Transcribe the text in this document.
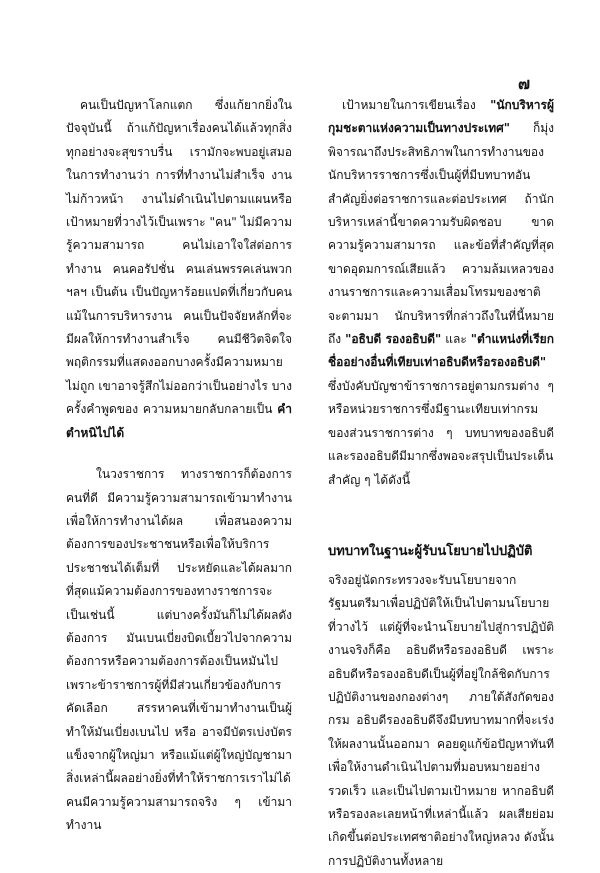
๗

คนเป็นปัญหาโลกแตก ซึ่งแก้ยากยิ่งในปัจจุบันนี้ ถ้าแก้ปัญหาเรื่องคนได้แล้วทุกสิ่งทุกอย่างจะสุขราบรื่น เรามักจะพบอยู่เสมอในการทำงานว่า การที่ทำงานไม่สำเร็จ งานไม่ก้าวหน้า งานไม่ดำเนินไปตามแผนหรือเป้าหมายที่วางไว้เป็นเพราะ "คน" ไม่มีความรู้ความสามารถ คนไม่เอาใจใส่ต่อการทำงาน คนคอรัปชั่น คนเล่นพรรคเล่นพวก ฯลฯ เป็นต้น เป็นปัญหาร้อยแปดที่เกี่ยวกับคน แม้ในการบริหารงาน คนเป็นปัจจัยหลักที่จะมีผลให้การทำงานสำเร็จ คนมีชีวิตจิตใจ พฤติกรรมที่แสดงออกบางครั้งมีความหมายไม่ถูก เขาอาจรู้สึกไม่ออกว่าเป็นอย่างไร บางครั้งคำพูดของ ความหมายกลับกลายเป็น คำตำหนิไปได้

ในวงราชการ ทางราชการก็ต้องการคนที่ดี มีความรู้ความสามารถเข้ามาทำงาน เพื่อให้การทำงานได้ผล เพื่อสนองความต้องการของประชาชนหรือเพื่อให้บริการประชาชนได้เต็มที่ ประหยัดและได้ผลมากที่สุดแม้ความต้องการของทางราชการจะเป็นเช่นนี้ แต่บางครั้งมันก็ไม่ได้ผลดังต้องการ มันเบนเบี่ยงบิดเบี้ยวไปจากความต้องการหรือความต้องการต้องเป็นหมันไป เพราะข้าราชการผู้ที่มีส่วนเกี่ยวข้องกับการคัดเลือก สรรหาคนที่เข้ามาทำงานเป็นผู้ทำให้มันเบี่ยงเบนไป หรือ อาจมีบัตรเบ่งบัตรแข็งจากผู้ใหญ่มา หรือแม้แต่ผู้ใหญ่บัญชามา สิ่งเหล่านี้ผลอย่างยิ่งที่ทำให้ราชการเราไม่ได้คนมีความรู้ความสามารถจริง ๆ เข้ามาทำงาน

เป้าหมายในการเขียนเรื่อง "นักบริหารผู้กุมชะตาแห่งความเป็นทางประเทศ" ก็มุ่งพิจารณาถึงประสิทธิภาพในการทำงานของนักบริหารราชการซึ่งเป็นผู้ที่มีบทบาทอันสำคัญยิ่งต่อราชการและต่อประเทศ ถ้านักบริหารเหล่านี้ขาดความรับผิดชอบ ขาดความรู้ความสามารถ และข้อที่สำคัญที่สุดขาดอุดมการณ์เสียแล้ว ความล้มเหลวของงานราชการและความเสื่อมโทรมของชาติจะตามมา นักบริหารที่กล่าวถึงในที่นี้หมายถึง "อธิบดี รองอธิบดี" และ "ตำแหน่งที่เรียกชื่ออย่างอื่นที่เทียบเท่าอธิบดีหรือรองอธิบดี" ซึ่งบังคับบัญชาข้าราชการอยู่ตามกรมต่าง ๆ หรือหน่วยราชการซึ่งมีฐานะเทียบเท่ากรม ของส่วนราชการต่าง ๆ บทบาทของอธิบดีและรองอธิบดีมีมากซึ่งพอจะสรุปเป็นประเด็นสำคัญ ๆ ได้ดังนี้

บทบาทในฐานะผู้รับนโยบายไปปฏิบัติ

จริงอยู่นัดกระทรวงจะรับนโยบายจากรัฐมนตรีมาเพื่อปฏิบัติให้เป็นไปตามนโยบายที่วางไว้ แต่ผู้ที่จะนำนโยบายไปสู่การปฏิบัติงานจริงก็คือ อธิบดีหรือรองอธิบดี เพราะอธิบดีหรือรองอธิบดีเป็นผู้ที่อยู่ใกล้ชิดกับการปฏิบัติงานของกองต่างๆ ภายใต้สังกัดของกรม อธิบดีรองอธิบดีจึงมีบทบาทมากที่จะเร่งให้ผลงานนั้นออกมา คอยดูแก้ข้อปัญหาทันทีเพื่อให้งานดำเนินไปตามที่มอบหมายอย่างรวดเร็ว และเป็นไปตามเป้าหมาย หากอธิบดีหรือรองละเลยหน้าที่เหล่านี้แล้ว ผลเสียย่อมเกิดขึ้นต่อประเทศชาติอย่างใหญ่หลวง ดังนั้นการปฏิบัติงานทั้งหลาย
